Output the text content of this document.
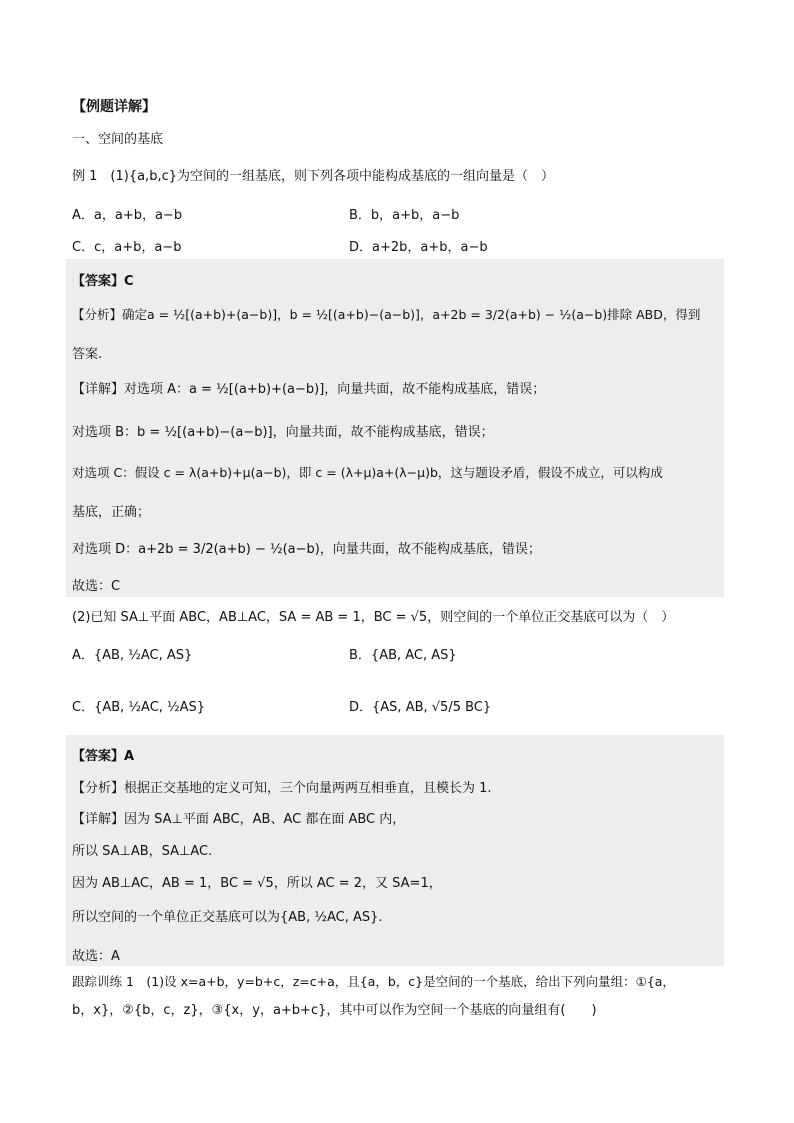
【例题详解】
一、空间的基底
例 1　(1){a,b,c}为空间的一组基底，则下列各项中能构成基底的一组向量是（　）
A．a，a+b，a−b	B．b，a+b，a−b
C．c，a+b，a−b	D．a+2b，a+b，a−b
【答案】C
【分析】确定a = ½[(a+b)+(a−b)]，b = ½[(a+b)−(a−b)]，a+2b = 3/2(a+b) − ½(a−b)排除 ABD，得到
答案.
【详解】对选项 A：a = ½[(a+b)+(a−b)]，向量共面，故不能构成基底，错误；
对选项 B：b = ½[(a+b)−(a−b)]，向量共面，故不能构成基底，错误；
对选项 C：假设 c = λ(a+b)+μ(a−b)，即 c = (λ+μ)a+(λ−μ)b，这与题设矛盾，假设不成立，可以构成
基底，正确；
对选项 D：a+2b = 3/2(a+b) − ½(a−b)，向量共面，故不能构成基底，错误；
故选：C
(2)已知 SA⊥平面 ABC，AB⊥AC，SA = AB = 1，BC = √5，则空间的一个单位正交基底可以为（　）
A．{AB, ½AC, AS}	B．{AB, AC, AS}
C．{AB, ½AC, ½AS}	D．{AS, AB, √5/5 BC}
【答案】A
【分析】根据正交基地的定义可知，三个向量两两互相垂直，且模长为 1.
【详解】因为 SA⊥平面 ABC，AB、AC 都在面 ABC 内，
所以 SA⊥AB，SA⊥AC.
因为 AB⊥AC，AB = 1，BC = √5，所以 AC = 2，又 SA=1，
所以空间的一个单位正交基底可以为{AB, ½AC, AS}.
故选：A
跟踪训练 1　(1)设 x=a+b，y=b+c，z=c+a，且{a，b，c}是空间的一个基底，给出下列向量组：①{a，
b，x}，②{b，c，z}，③{x，y，a+b+c}，其中可以作为空间一个基底的向量组有(　　)
